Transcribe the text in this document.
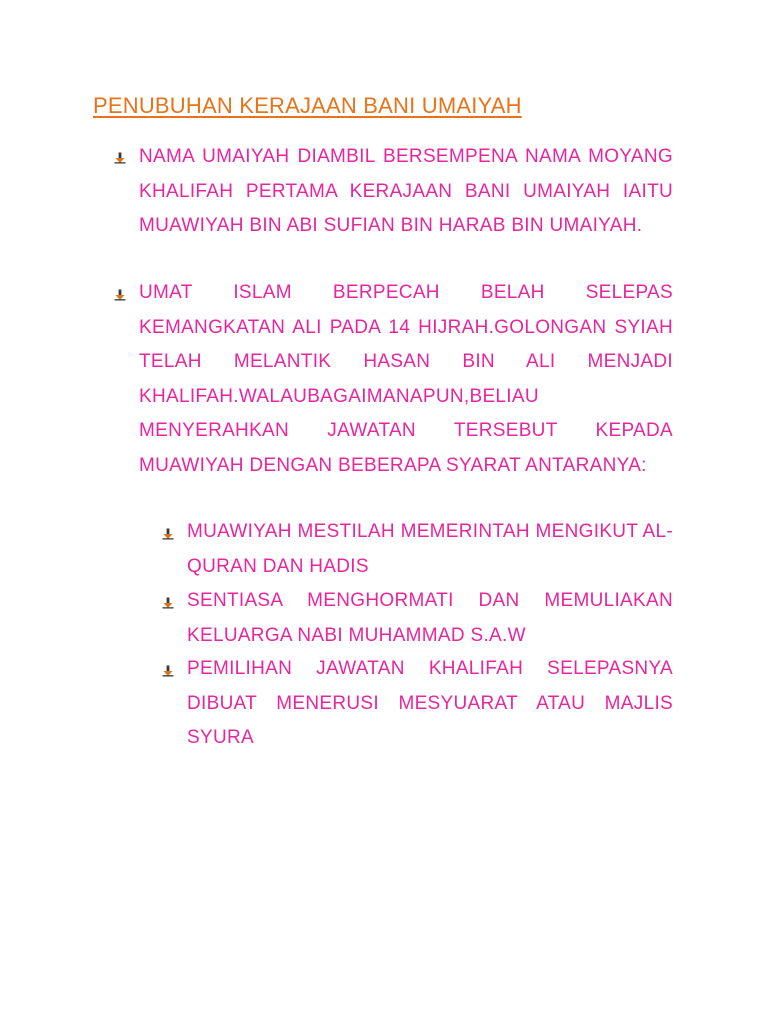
PENUBUHAN KERAJAAN BANI UMAIYAH
NAMA UMAIYAH DIAMBIL BERSEMPENA NAMA MOYANG KHALIFAH PERTAMA KERAJAAN BANI UMAIYAH IAITU MUAWIYAH BIN ABI SUFIAN BIN HARAB BIN UMAIYAH.
UMAT ISLAM BERPECAH BELAH SELEPAS KEMANGKATAN ALI PADA 14 HIJRAH.GOLONGAN SYIAH TELAH MELANTIK HASAN BIN ALI MENJADI KHALIFAH.WALAUBAGAIMANAPUN,BELIAU MENYERAHKAN JAWATAN TERSEBUT KEPADA MUAWIYAH DENGAN BEBERAPA SYARAT ANTARANYA:
MUAWIYAH MESTILAH MEMERINTAH MENGIKUT AL-QURAN DAN HADIS
SENTIASA MENGHORMATI DAN MEMULIAKAN KELUARGA NABI MUHAMMAD S.A.W
PEMILIHAN JAWATAN KHALIFAH SELEPASNYA DIBUAT MENERUSI MESYUARAT ATAU MAJLIS SYURA
